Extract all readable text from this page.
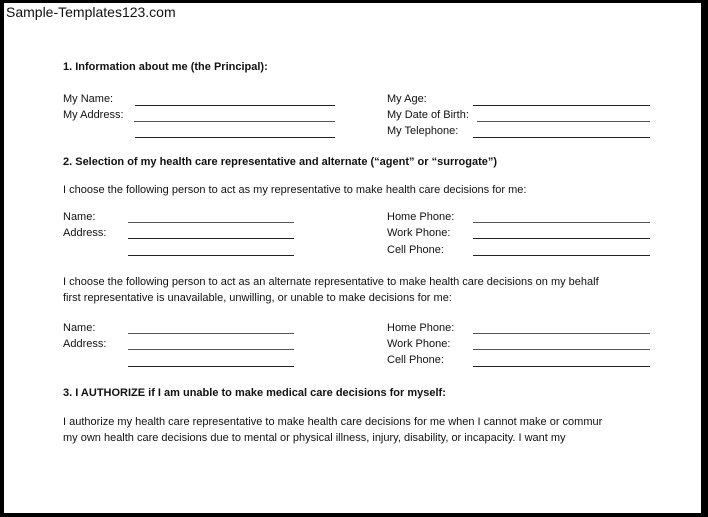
Sample-Templates123.com
1. Information about me (the Principal):
My Name:
My Address:
My Age:
My Date of Birth:
My Telephone:
2. Selection of my health care representative and alternate (“agent” or “surrogate”)
I choose the following person to act as my representative to make health care decisions for me:
Name:
Address:
Home Phone:
Work Phone:
Cell Phone:
I choose the following person to act as an alternate representative to make health care decisions on my behalf
first representative is unavailable, unwilling, or unable to make decisions for me:
Name:
Address:
Home Phone:
Work Phone:
Cell Phone:
3. I AUTHORIZE if I am unable to make medical care decisions for myself:
I authorize my health care representative to make health care decisions for me when I cannot make or commur
my own health care decisions due to mental or physical illness, injury, disability, or incapacity. I want my
